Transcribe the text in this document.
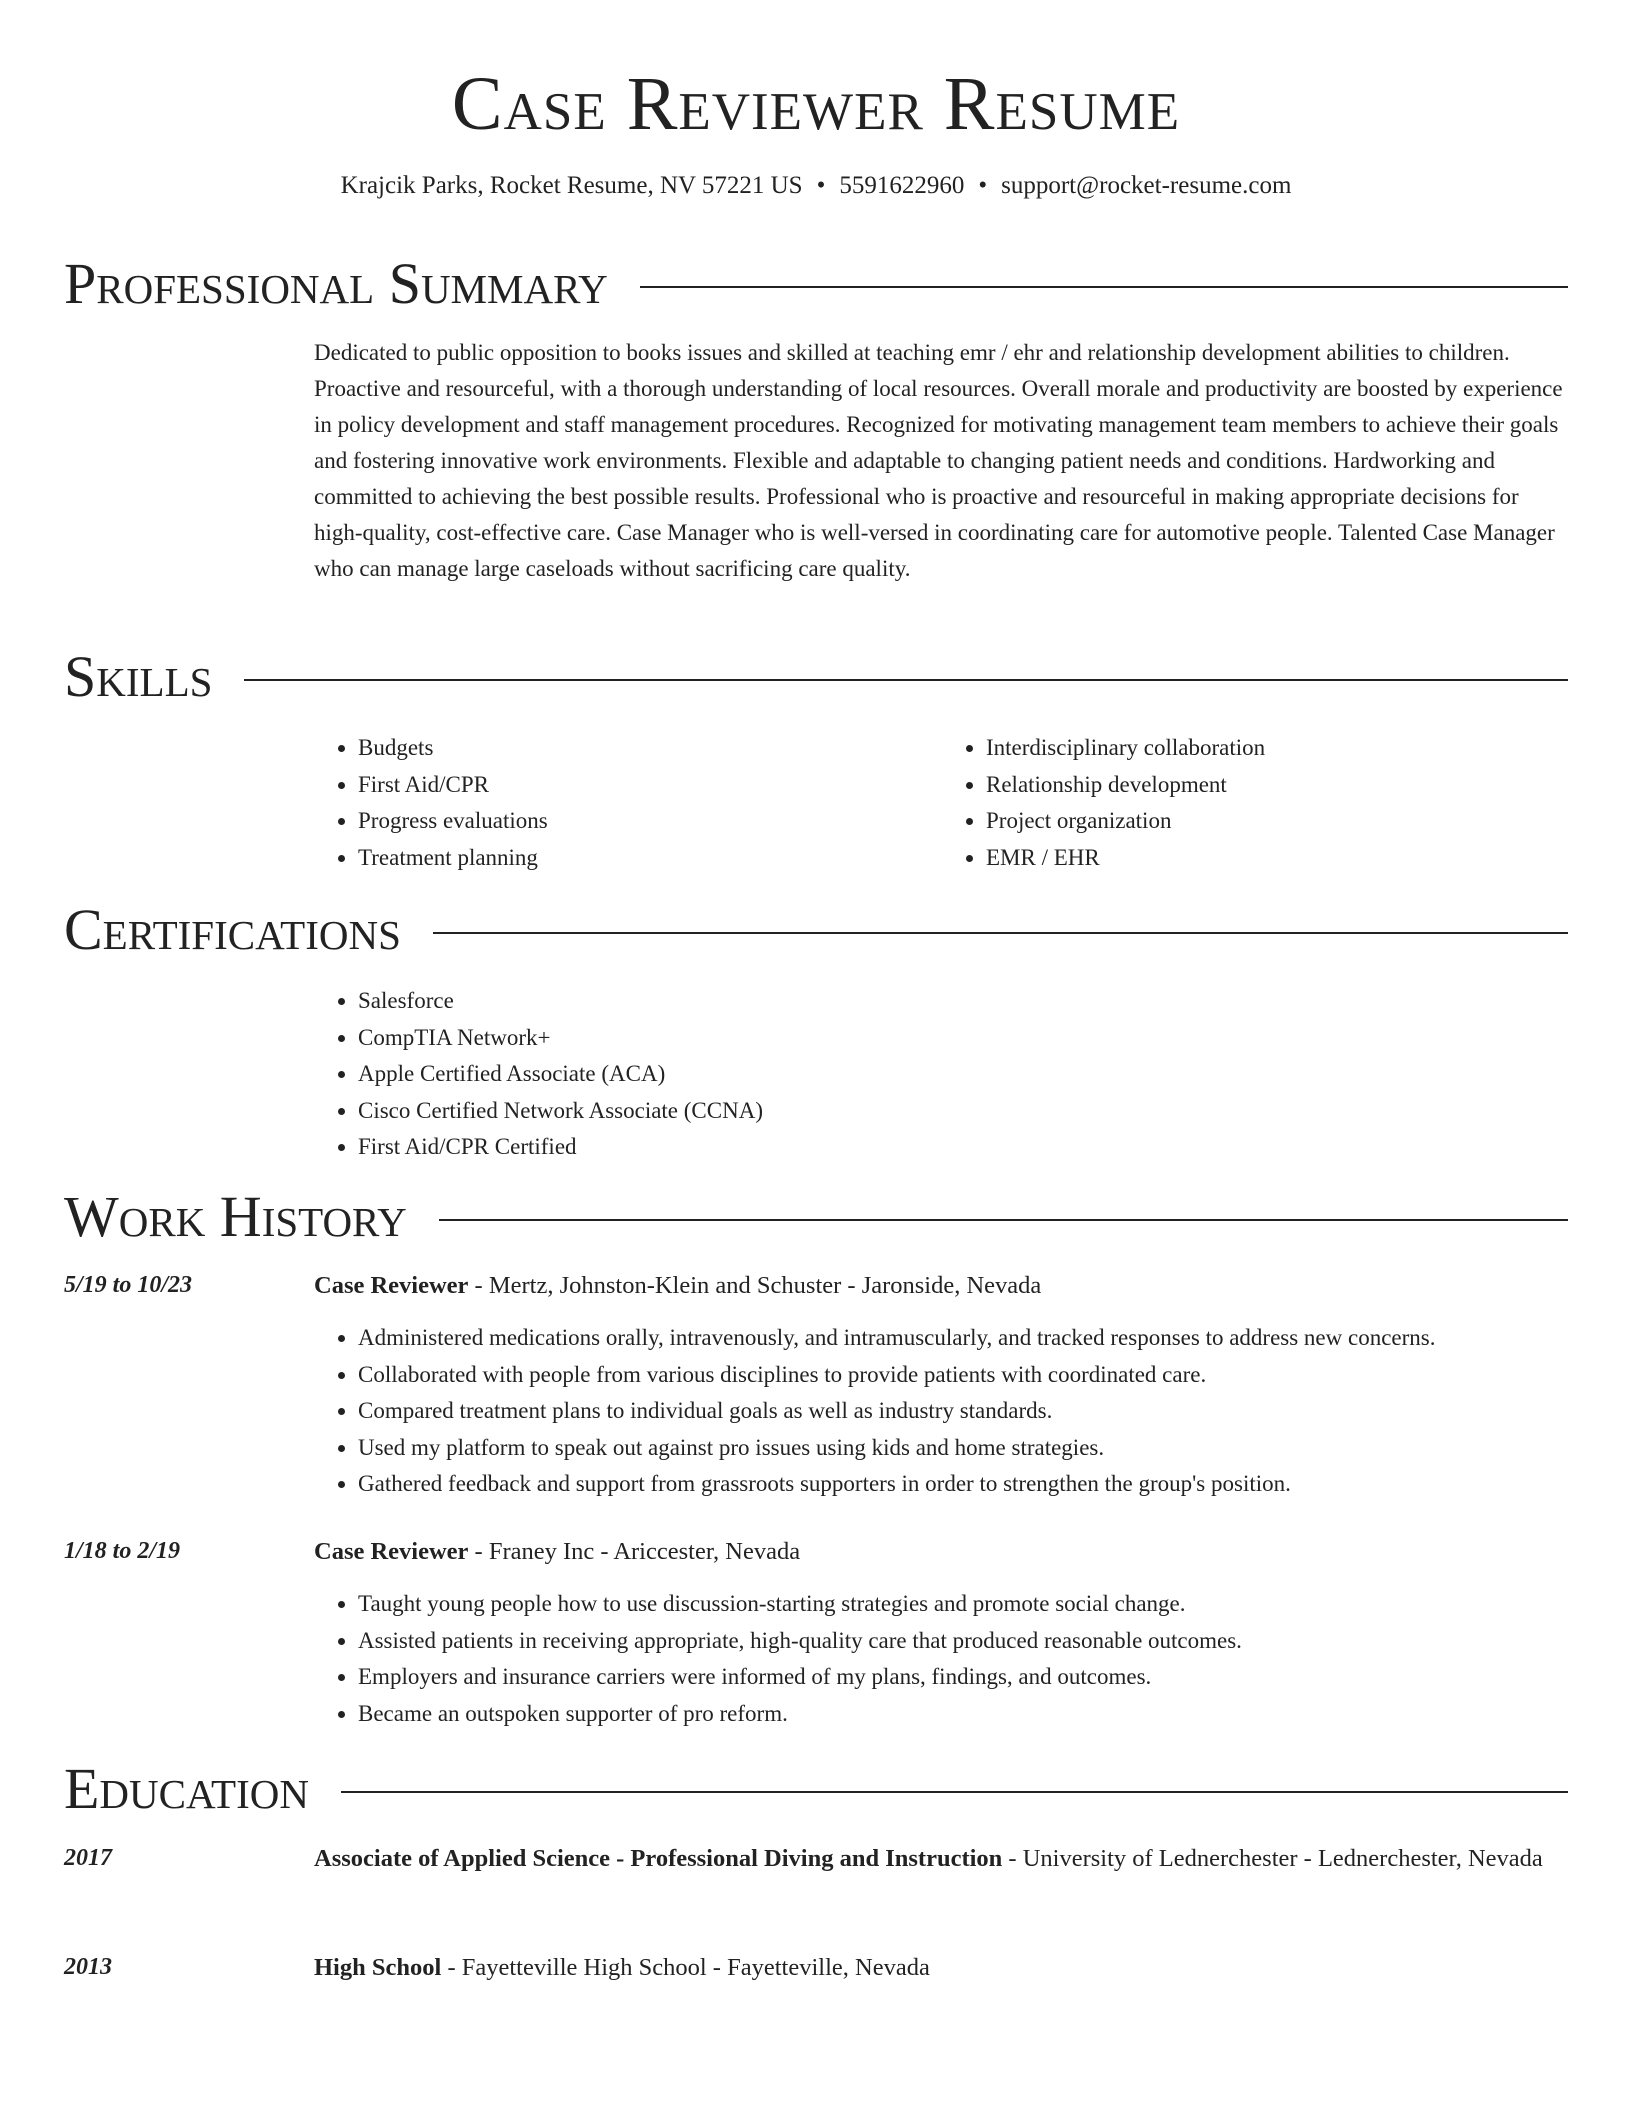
Case Reviewer Resume
Krajcik Parks, Rocket Resume, NV 57221 US • 5591622960 • support@rocket-resume.com
Professional Summary
Dedicated to public opposition to books issues and skilled at teaching emr / ehr and relationship development abilities to children. Proactive and resourceful, with a thorough understanding of local resources. Overall morale and productivity are boosted by experience in policy development and staff management procedures. Recognized for motivating management team members to achieve their goals and fostering innovative work environments. Flexible and adaptable to changing patient needs and conditions. Hardworking and committed to achieving the best possible results. Professional who is proactive and resourceful in making appropriate decisions for high-quality, cost-effective care. Case Manager who is well-versed in coordinating care for automotive people. Talented Case Manager who can manage large caseloads without sacrificing care quality.
Skills
• Budgets
• First Aid/CPR
• Progress evaluations
• Treatment planning
• Interdisciplinary collaboration
• Relationship development
• Project organization
• EMR / EHR
Certifications
• Salesforce
• CompTIA Network+
• Apple Certified Associate (ACA)
• Cisco Certified Network Associate (CCNA)
• First Aid/CPR Certified
Work History
5/19 to 10/23	Case Reviewer - Mertz, Johnston-Klein and Schuster - Jaronside, Nevada
• Administered medications orally, intravenously, and intramuscularly, and tracked responses to address new concerns.
• Collaborated with people from various disciplines to provide patients with coordinated care.
• Compared treatment plans to individual goals as well as industry standards.
• Used my platform to speak out against pro issues using kids and home strategies.
• Gathered feedback and support from grassroots supporters in order to strengthen the group's position.
1/18 to 2/19	Case Reviewer - Franey Inc - Ariccester, Nevada
• Taught young people how to use discussion-starting strategies and promote social change.
• Assisted patients in receiving appropriate, high-quality care that produced reasonable outcomes.
• Employers and insurance carriers were informed of my plans, findings, and outcomes.
• Became an outspoken supporter of pro reform.
Education
2017	Associate of Applied Science - Professional Diving and Instruction - University of Lednerchester - Lednerchester, Nevada
2013	High School - Fayetteville High School - Fayetteville, Nevada
